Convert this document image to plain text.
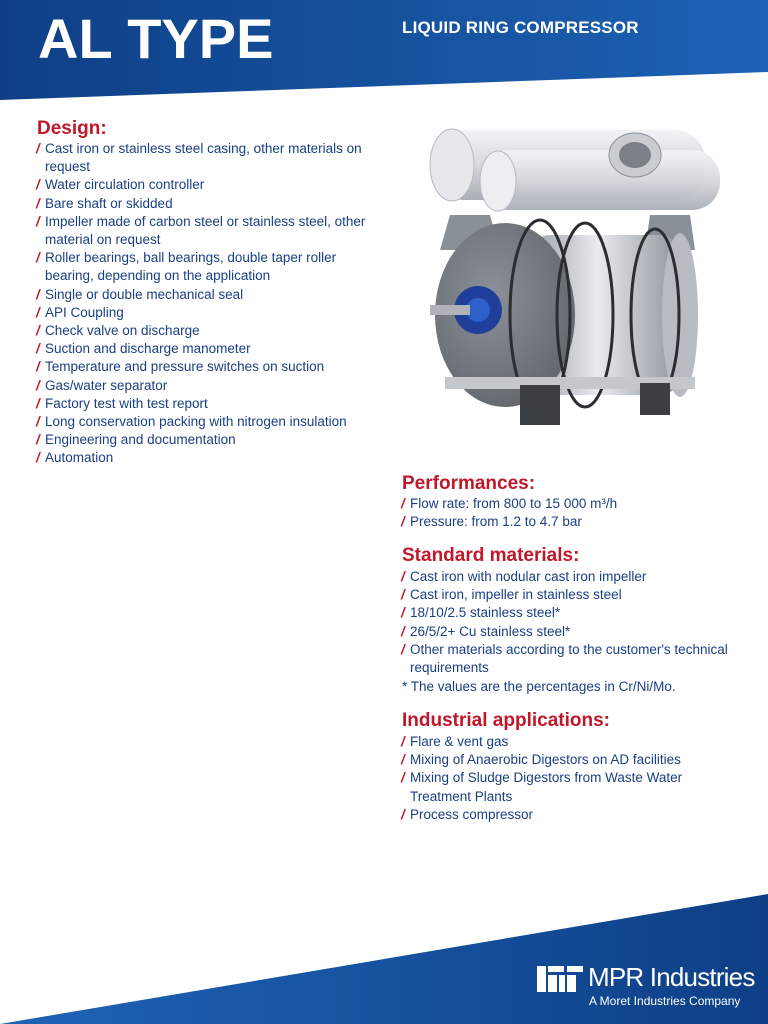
AL TYPE	LIQUID RING COMPRESSOR
Design:
/ Cast iron or stainless steel casing, other materials on request
/ Water circulation controller
/ Bare shaft or skidded
/ Impeller made of carbon steel or stainless steel, other material on request
/ Roller bearings, ball bearings, double taper roller bearing, depending on the application
/ Single or double mechanical seal
/ API Coupling
/ Check valve on discharge
/ Suction and discharge manometer
/ Temperature and pressure switches on suction
/ Gas/water separator
/ Factory test with test report
/ Long conservation packing with nitrogen insulation
/ Engineering and documentation
/ Automation
Performances:
/ Flow rate: from 800 to 15 000 m³/h
/ Pressure: from 1.2 to 4.7 bar
Standard materials:
/ Cast iron with nodular cast iron impeller
/ Cast iron, impeller in stainless steel
/ 18/10/2.5 stainless steel*
/ 26/5/2+ Cu stainless steel*
/ Other materials according to the customer's technical requirements
* The values are the percentages in Cr/Ni/Mo.
Industrial applications:
/ Flare & vent gas
/ Mixing of Anaerobic Digestors on AD facilities
/ Mixing of Sludge Digestors from Waste Water Treatment Plants
/ Process compressor
MPR Industries
A Moret Industries Company
